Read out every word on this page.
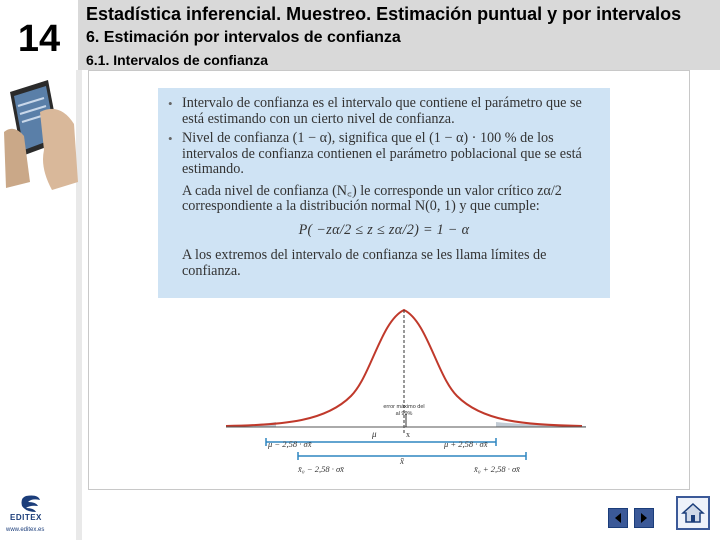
14
Estadística inferencial. Muestreo. Estimación puntual y por intervalos
6. Estimación por intervalos de confianza
6.1. Intervalos de confianza
• Intervalo de confianza es el intervalo que contiene el parámetro que se está estimando con un cierto nivel de confianza.
• Nivel de confianza (1 − α), significa que el (1 − α) · 100 % de los intervalos de confianza contienen el parámetro poblacional que se está estimando.
A cada nivel de confianza (N꜀) le corresponde un valor crítico zα/2 correspondiente a la distribución normal N(0, 1) y que cumple:
P( −zα/2 ≤ z ≤ zα/2) = 1 − α
A los extremos del intervalo de confianza se les llama límites de confianza.
error máximo del
al 99%
μ	x
μ − 2,58 · σx̄	μ + 2,58 · σx̄
x̄
x̄₀ − 2,58 · σx̄	x̄₀ + 2,58 · σx̄
EDITEX
www.editex.es
